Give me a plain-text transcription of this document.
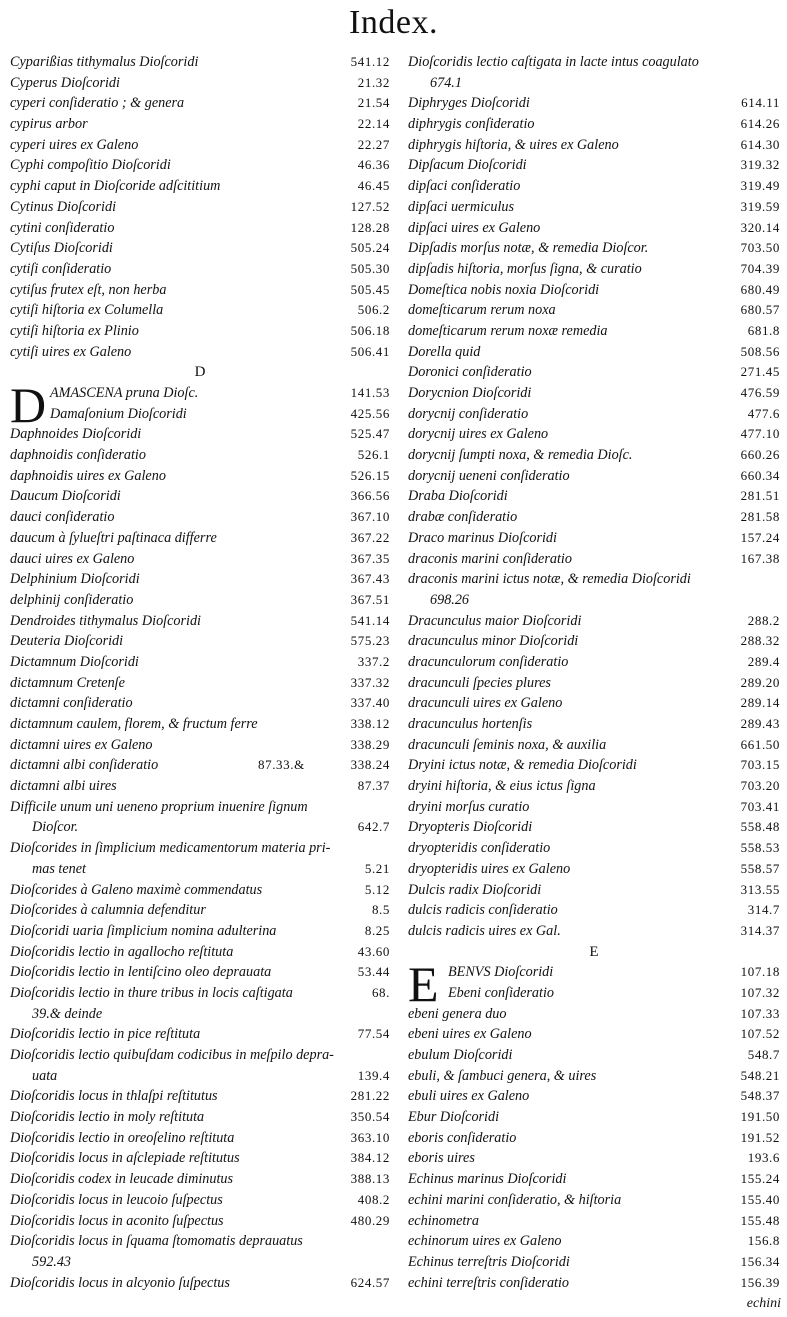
Index.
Cyparißias tithymalus Dioſcoridi	541.12
Cyperus Dioſcoridi	21.32
cyperi conſideratio ; & genera	21.54
cypirus arbor	22.14
cyperi uires ex Galeno	22.27
Cyphi compoſitio Dioſcoridi	46.36
cyphi caput in Dioſcoride adſcititium	46.45
Cytinus Dioſcoridi	127.52
cytini conſideratio	128.28
Cytiſus Dioſcoridi	505.24
cytiſi conſideratio	505.30
cytiſus frutex eſt, non herba	505.45
cytiſi hiſtoria ex Columella	506.2
cytiſi hiſtoria ex Plinio	506.18
cytiſi uires ex Galeno	506.41
D
D AMASCENA pruna Dioſc.	141.53
Damaſonium Dioſcoridi	425.56
Daphnoides Dioſcoridi	525.47
daphnoidis conſideratio	526.1
daphnoidis uires ex Galeno	526.15
Daucum Dioſcoridi	366.56
dauci conſideratio	367.10
daucum à ſylueſtri paſtinaca differre	367.22
dauci uires ex Galeno	367.35
Delphinium Dioſcoridi	367.43
delphinij conſideratio	367.51
Dendroides tithymalus Dioſcoridi	541.14
Deuteria Dioſcoridi	575.23
Dictamnum Dioſcoridi	337.2
dictamnum Cretenſe	337.32
dictamni conſideratio	337.40
dictamnum caulem, florem, & fructum ferre	338.12
dictamni uires ex Galeno	338.29
dictamni albi conſideratio	87.33.&	338.24
dictamni albi uires	87.37
Difficile unum uni ueneno proprium inuenire ſignum
Dioſcor.	642.7
Dioſcorides in ſimplicium medicamentorum materia pri-
mas tenet	5.21
Dioſcorides à Galeno maximè commendatus	5.12
Dioſcorides à calumnia defenditur	8.5
Dioſcoridi uaria ſimplicium nomina adulterina	8.25
Dioſcoridis lectio in agallocho reſtituta	43.60
Dioſcoridis lectio in lentiſcino oleo deprauata	53.44
Dioſcoridis lectio in thure tribus in locis caſtigata	68.
39.& deinde
Dioſcoridis lectio in pice reſtituta	77.54
Dioſcoridis lectio quibuſdam codicibus in meſpilo depra-
uata	139.4
Dioſcoridis locus in thlaſpi reſtitutus	281.22
Dioſcoridis lectio in moly reſtituta	350.54
Dioſcoridis lectio in oreoſelino reſtituta	363.10
Dioſcoridis locus in aſclepiade reſtitutus	384.12
Dioſcoridis codex in leucade diminutus	388.13
Dioſcoridis locus in leucoio ſuſpectus	408.2
Dioſcoridis locus in aconito ſuſpectus	480.29
Dioſcoridis locus in ſquama ſtomomatis deprauatus
592.43
Dioſcoridis locus in alcyonio ſuſpectus	624.57
Dioſcoridis lectio caſtigata in lacte intus coagulato
674.1
Diphryges Dioſcoridi	614.11
diphrygis conſideratio	614.26
diphrygis hiſtoria, & uires ex Galeno	614.30
Dipſacum Dioſcoridi	319.32
dipſaci conſideratio	319.49
dipſaci uermiculus	319.59
dipſaci uires ex Galeno	320.14
Dipſadis morſus notæ, & remedia Dioſcor.	703.50
dipſadis hiſtoria, morſus ſigna, & curatio	704.39
Domeſtica nobis noxia Dioſcoridi	680.49
domeſticarum rerum noxa	680.57
domeſticarum rerum noxæ remedia	681.8
Dorella quid	508.56
Doronici conſideratio	271.45
Dorycnion Dioſcoridi	476.59
dorycnij conſideratio	477.6
dorycnij uires ex Galeno	477.10
dorycnij ſumpti noxa, & remedia Dioſc.	660.26
dorycnij ueneni conſideratio	660.34
Draba Dioſcoridi	281.51
drabæ conſideratio	281.58
Draco marinus Dioſcoridi	157.24
draconis marini conſideratio	167.38
draconis marini ictus notæ, & remedia Dioſcoridi
698.26
Dracunculus maior Dioſcoridi	288.2
dracunculus minor Dioſcoridi	288.32
dracunculorum conſideratio	289.4
dracunculi ſpecies plures	289.20
dracunculi uires ex Galeno	289.14
dracunculus hortenſis	289.43
dracunculi ſeminis noxa, & auxilia	661.50
Dryini ictus notæ, & remedia Dioſcoridi	703.15
dryini hiſtoria, & eius ictus ſigna	703.20
dryini morſus curatio	703.41
Dryopteris Dioſcoridi	558.48
dryopteridis conſideratio	558.53
dryopteridis uires ex Galeno	558.57
Dulcis radix Dioſcoridi	313.55
dulcis radicis conſideratio	314.7
dulcis radicis uires ex Gal.	314.37
E
E BENVS Dioſcoridi	107.18
Ebeni conſideratio	107.32
ebeni genera duo	107.33
ebeni uires ex Galeno	107.52
ebulum Dioſcoridi	548.7
ebuli, & ſambuci genera, & uires	548.21
ebuli uires ex Galeno	548.37
Ebur Dioſcoridi	191.50
eboris conſideratio	191.52
eboris uires	193.6
Echinus marinus Dioſcoridi	155.24
echini marini conſideratio, & hiſtoria	155.40
echinometra	155.48
echinorum uires ex Galeno	156.8
Echinus terreſtris Dioſcoridi	156.34
echini terreſtris conſideratio	156.39
echini
